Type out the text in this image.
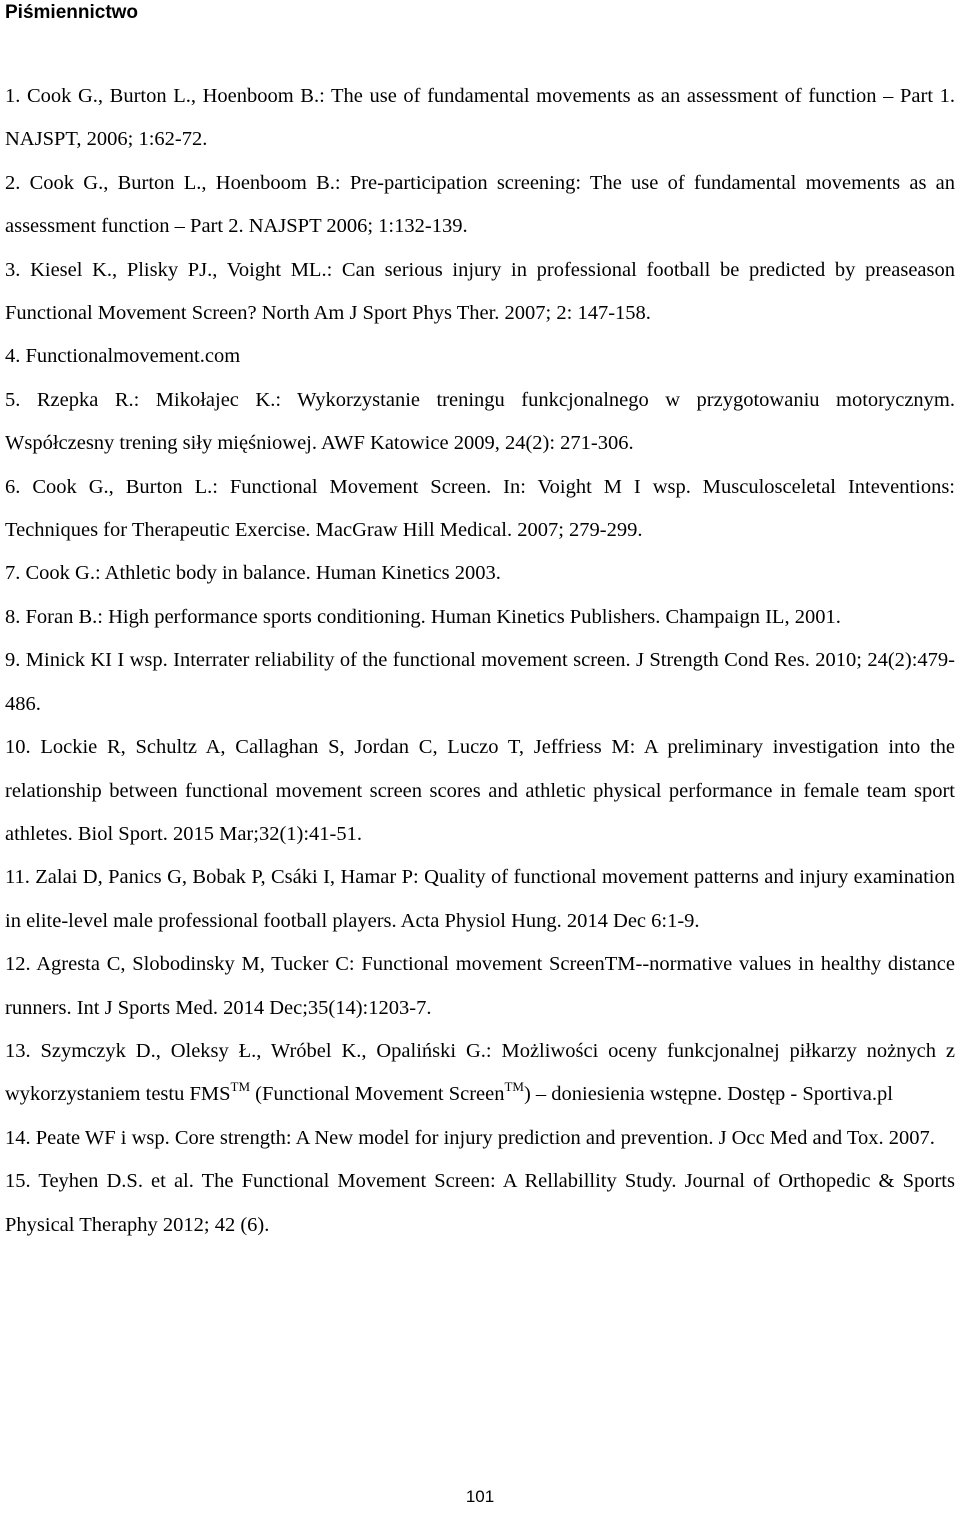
Piśmiennictwo
1. Cook G., Burton L., Hoenboom B.: The use of fundamental movements as an assessment of function – Part 1. NAJSPT, 2006; 1:62-72.
2. Cook G., Burton L., Hoenboom B.: Pre-participation screening: The use of fundamental movements as an assessment function – Part 2. NAJSPT 2006; 1:132-139.
3. Kiesel K., Plisky PJ., Voight ML.: Can serious injury in professional football be predicted by preaseason Functional Movement Screen? North Am J Sport Phys Ther. 2007; 2: 147-158.
4. Functionalmovement.com
5. Rzepka R.: Mikołajec K.: Wykorzystanie treningu funkcjonalnego w przygotowaniu motorycznym. Współczesny trening siły mięśniowej. AWF Katowice 2009, 24(2): 271-306.
6. Cook G., Burton L.: Functional Movement Screen. In: Voight M I wsp. Musculosceletal Inteventions: Techniques for Therapeutic Exercise. MacGraw Hill Medical. 2007; 279-299.
7. Cook G.: Athletic body in balance. Human Kinetics 2003.
8. Foran B.: High performance sports conditioning. Human Kinetics Publishers. Champaign IL, 2001.
9. Minick KI I wsp. Interrater reliability of the functional movement screen. J Strength Cond Res. 2010; 24(2):479-486.
10. Lockie R, Schultz A, Callaghan S, Jordan C, Luczo T, Jeffriess M: A preliminary investigation into the relationship between functional movement screen scores and athletic physical performance in female team sport athletes. Biol Sport. 2015 Mar;32(1):41-51.
11. Zalai D, Panics G, Bobak P, Csáki I, Hamar P: Quality of functional movement patterns and injury examination in elite-level male professional football players. Acta Physiol Hung. 2014 Dec 6:1-9.
12. Agresta C, Slobodinsky M, Tucker C: Functional movement ScreenTM--normative values in healthy distance runners. Int J Sports Med. 2014 Dec;35(14):1203-7.
13. Szymczyk D., Oleksy Ł., Wróbel K., Opaliński G.: Możliwości oceny funkcjonalnej piłkarzy nożnych z wykorzystaniem testu FMS™ (Functional Movement Screen™) – doniesienia wstępne. Dostęp - Sportiva.pl
14. Peate WF i wsp. Core strength: A New model for injury prediction and prevention. J Occ Med and Tox. 2007.
15. Teyhen D.S. et al. The Functional Movement Screen: A Rellabillity Study. Journal of Orthopedic & Sports Physical Theraphy 2012; 42 (6).
101
